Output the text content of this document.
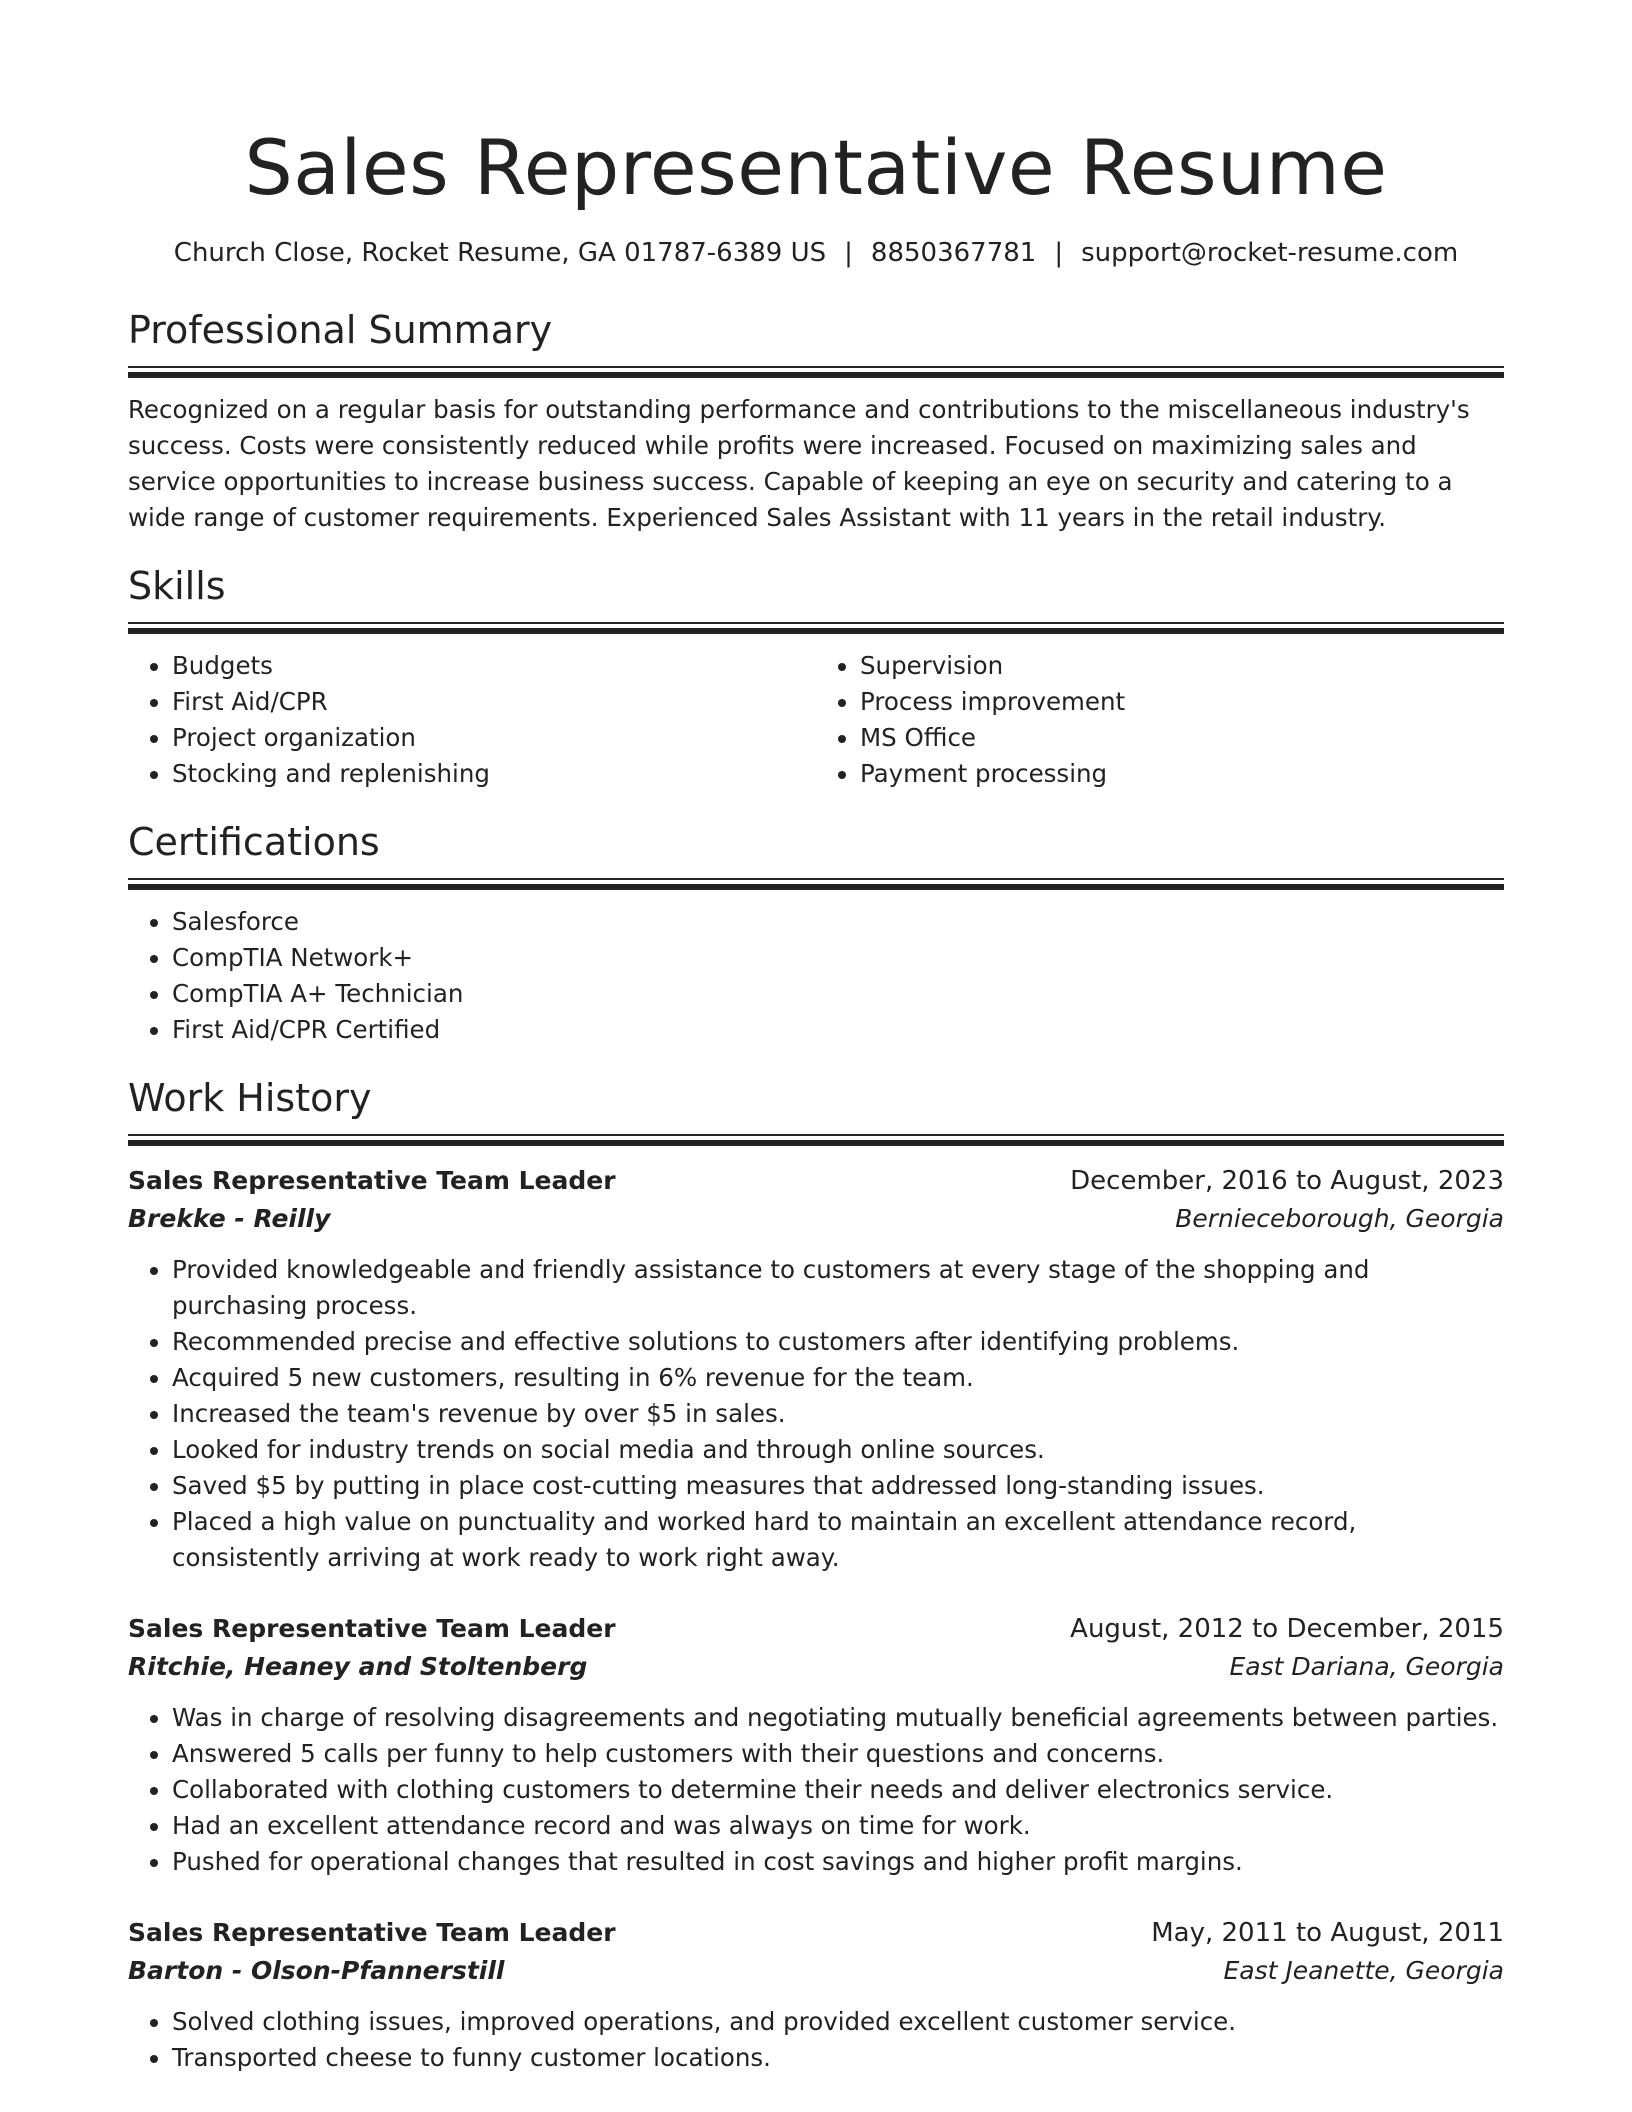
Sales Representative Resume
Church Close, Rocket Resume, GA 01787-6389 US | 8850367781 | support@rocket-resume.com
Professional Summary
Recognized on a regular basis for outstanding performance and contributions to the miscellaneous industry's success. Costs were consistently reduced while profits were increased. Focused on maximizing sales and service opportunities to increase business success. Capable of keeping an eye on security and catering to a wide range of customer requirements. Experienced Sales Assistant with 11 years in the retail industry.
Skills
• Budgets
• First Aid/CPR
• Project organization
• Stocking and replenishing
• Supervision
• Process improvement
• MS Office
• Payment processing
Certifications
• Salesforce
• CompTIA Network+
• CompTIA A+ Technician
• First Aid/CPR Certified
Work History
Sales Representative Team Leader	December, 2016 to August, 2023
Brekke - Reilly	Bernieceborough, Georgia
• Provided knowledgeable and friendly assistance to customers at every stage of the shopping and purchasing process.
• Recommended precise and effective solutions to customers after identifying problems.
• Acquired 5 new customers, resulting in 6% revenue for the team.
• Increased the team's revenue by over $5 in sales.
• Looked for industry trends on social media and through online sources.
• Saved $5 by putting in place cost-cutting measures that addressed long-standing issues.
• Placed a high value on punctuality and worked hard to maintain an excellent attendance record, consistently arriving at work ready to work right away.
Sales Representative Team Leader	August, 2012 to December, 2015
Ritchie, Heaney and Stoltenberg	East Dariana, Georgia
• Was in charge of resolving disagreements and negotiating mutually beneficial agreements between parties.
• Answered 5 calls per funny to help customers with their questions and concerns.
• Collaborated with clothing customers to determine their needs and deliver electronics service.
• Had an excellent attendance record and was always on time for work.
• Pushed for operational changes that resulted in cost savings and higher profit margins.
Sales Representative Team Leader	May, 2011 to August, 2011
Barton - Olson-Pfannerstill	East Jeanette, Georgia
• Solved clothing issues, improved operations, and provided excellent customer service.
• Transported cheese to funny customer locations.
